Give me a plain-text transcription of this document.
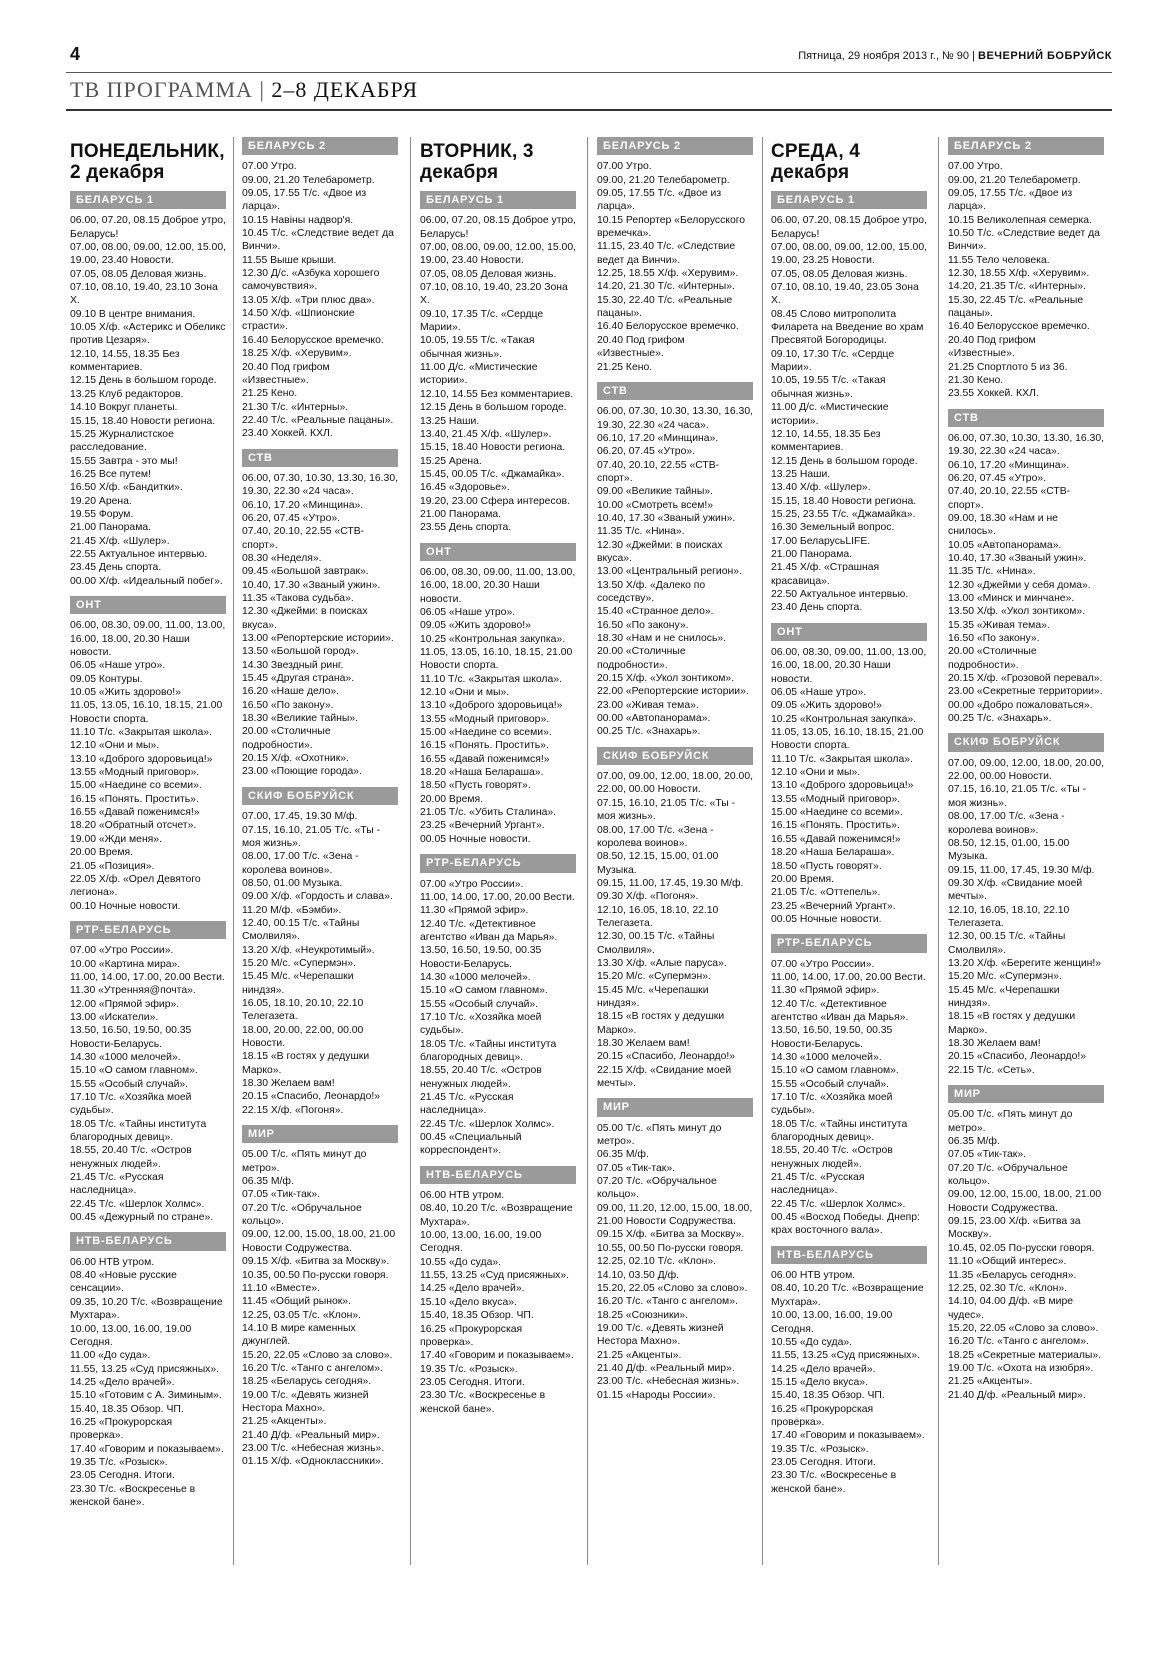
4	Пятница, 29 ноября 2013 г., № 90 | ВЕЧЕРНИЙ БОБРУЙСК
ТВ ПРОГРАММА | 2–8 ДЕКАБРЯ
ПОНЕДЕЛЬНИК, 2 декабря
БЕЛАРУСЬ 1
06.00, 07.20, 08.15 Доброе утро, Беларусь!
07.00, 08.00, 09.00, 12.00, 15.00, 19.00, 23.40 Новости.
07.05, 08.05 Деловая жизнь.
07.10, 08.10, 19.40, 23.10 Зона Х.
09.10 В центре внимания.
10.05 Х/ф. «Астерикс и Обеликс против Цезаря».
12.10, 14.55, 18.35 Без комментариев.
12.15 День в большом городе.
13.25 Клуб редакторов.
14.10 Вокруг планеты.
15.15, 18.40 Новости региона.
15.25 Журналистское расследование.
15.55 Завтра - это мы!
16.25 Все путем!
16.50 Х/ф. «Бандитки».
19.20 Арена.
19.55 Форум.
21.00 Панорама.
21.45 Х/ф. «Шулер».
22.55 Актуальное интервью.
23.45 День спорта.
00.00 Х/ф. «Идеальный побег».
ОНТ
06.00, 08.30, 09.00, 11.00, 13.00, 16.00, 18.00, 20.30 Наши новости.
06.05 «Наше утро».
09.05 Контуры.
10.05 «Жить здорово!»
11.05, 13.05, 16.10, 18.15, 21.00 Новости спорта.
11.10 Т/с. «Закрытая школа».
12.10 «Они и мы».
13.10 «Доброго здоровьица!»
13.55 «Модный приговор».
15.00 «Наедине со всеми».
16.15 «Понять. Простить».
16.55 «Давай поженимся!»
18.20 «Обратный отсчет».
19.00 «Жди меня».
20.00 Время.
21.05 «Позиция».
22.05 Х/ф. «Орел Девятого легиона».
00.10 Ночные новости.
РТР-БЕЛАРУСЬ
07.00 «Утро России».
10.00 «Картина мира».
11.00, 14.00, 17.00, 20.00 Вести.
11.30 «Утренняя@почта».
12.00 «Прямой эфир».
13.00 «Искатели».
13.50, 16.50, 19.50, 00.35 Новости-Беларусь.
14.30 «1000 мелочей».
15.10 «О самом главном».
15.55 «Особый случай».
17.10 Т/с. «Хозяйка моей судьбы».
18.05 Т/с. «Тайны института благородных девиц».
18.55, 20.40 Т/с. «Остров ненужных людей».
21.45 Т/с. «Русская наследница».
22.45 Т/с. «Шерлок Холмс».
00.45 «Дежурный по стране».
НТВ-БЕЛАРУСЬ
06.00 НТВ утром.
08.40 «Новые русские сенсации».
09.35, 10.20 Т/с. «Возвращение Мухтара».
10.00, 13.00, 16.00, 19.00 Сегодня.
11.00 «До суда».
11.55, 13.25 «Суд присяжных».
14.25 «Дело врачей».
15.10 «Готовим с А. Зиминым».
15.40, 18.35 Обзор. ЧП.
16.25 «Прокурорская проверка».
17.40 «Говорим и показываем».
19.35 Т/с. «Розыск».
23.05 Сегодня. Итоги.
23.30 Т/с. «Воскресенье в женской бане».
БЕЛАРУСЬ 2
07.00 Утро.
09.00, 21.20 Телебарометр.
09.05, 17.55 Т/с. «Двое из ларца».
10.15 Навіны надвор'я.
10.45 Т/с. «Следствие ведет да Винчи».
11.55 Выше крыши.
12.30 Д/с. «Азбука хорошего самочувствия».
13.05 Х/ф. «Три плюс два».
14.50 Х/ф. «Шпионские страсти».
16.40 Белорусское времечко.
18.25 Х/ф. «Херувим».
20.40 Под грифом «Известные».
21.25 Кено.
21.30 Т/с. «Интерны».
22.40 Т/с. «Реальные пацаны».
23.40 Хоккей. КХЛ.
СТВ
06.00, 07.30, 10.30, 13.30, 16.30, 19.30, 22.30 «24 часа».
06.10, 17.20 «Минщина».
06.20, 07.45 «Утро».
07.40, 20.10, 22.55 «СТВ-спорт».
08.30 «Неделя».
09.45 «Большой завтрак».
10.40, 17.30 «Званый ужин».
11.35 «Такова судьба».
12.30 «Джейми: в поисках вкуса».
13.00 «Репортерские истории».
13.50 «Большой город».
14.30 Звездный ринг.
15.45 «Другая страна».
16.20 «Наше дело».
16.50 «По закону».
18.30 «Великие тайны».
20.00 «Столичные подробности».
20.15 Х/ф. «Охотник».
23.00 «Поющие города».
СКИФ БОБРУЙСК
07.00, 17.45, 19.30 М/ф.
07.15, 16.10, 21.05 Т/с. «Ты - моя жизнь».
08.00, 17.00 Т/с. «Зена - королева воинов».
08.50, 01.00 Музыка.
09.00 Х/ф. «Гордость и слава».
11.20 М/ф. «Бэмби».
12.40, 00.15 Т/с. «Тайны Смолвиля».
13.20 Х/ф. «Неукротимый».
15.20 М/с. «Супермэн».
15.45 М/с. «Черепашки ниндзя».
16.05, 18.10, 20.10, 22.10 Телегазета.
18.00, 20.00, 22.00, 00.00 Новости.
18.15 «В гостях у дедушки Марко».
18.30 Желаем вам!
20.15 «Спасибо, Леонардо!»
22.15 Х/ф. «Погоня».
МИР
05.00 Т/с. «Пять минут до метро».
06.35 М/ф.
07.05 «Тик-так».
07.20 Т/с. «Обручальное кольцо».
09.00, 12.00, 15.00, 18.00, 21.00 Новости Содружества.
09.15 Х/ф. «Битва за Москву».
10.35, 00.50 По-русски говоря.
11.10 «Вместе».
11.45 «Общий рынок».
12.25, 03.05 Т/с. «Клон».
14.10 В мире каменных джунглей.
15.20, 22.05 «Слово за слово».
16.20 Т/с. «Танго с ангелом».
18.25 «Беларусь сегодня».
19.00 Т/с. «Девять жизней Нестора Махно».
21.25 «Акценты».
21.40 Д/ф. «Реальный мир».
23.00 Т/с. «Небесная жизнь».
01.15 Х/ф. «Одноклассники».
ВТОРНИК, 3 декабря
БЕЛАРУСЬ 1
06.00, 07.20, 08.15 Доброе утро, Беларусь!
07.00, 08.00, 09.00, 12.00, 15.00, 19.00, 23.40 Новости.
07.05, 08.05 Деловая жизнь.
07.10, 08.10, 19.40, 23.20 Зона Х.
09.10, 17.35 Т/с. «Сердце Марии».
10.05, 19.55 Т/с. «Такая обычная жизнь».
11.00 Д/с. «Мистические истории».
12.10, 14.55 Без комментариев.
12.15 День в большом городе.
13.25 Наши.
13.40, 21.45 Х/ф. «Шулер».
15.15, 18.40 Новости региона.
15.25 Арена.
15.45, 00.05 Т/с. «Джамайка».
16.45 «Здоровье».
19.20, 23.00 Сфера интересов.
21.00 Панорама.
23.55 День спорта.
ОНТ
06.00, 08.30, 09.00, 11.00, 13.00, 16.00, 18.00, 20.30 Наши новости.
06.05 «Наше утро».
09.05 «Жить здорово!»
10.25 «Контрольная закупка».
11.05, 13.05, 16.10, 18.15, 21.00 Новости спорта.
11.10 Т/с. «Закрытая школа».
12.10 «Они и мы».
13.10 «Доброго здоровьица!»
13.55 «Модный приговор».
15.00 «Наедине со всеми».
16.15 «Понять. Простить».
16.55 «Давай поженимся!»
18.20 «Наша Белараша».
18.50 «Пусть говорят».
20.00 Время.
21.05 Т/с. «Убить Сталина».
23.25 «Вечерний Ургант».
00.05 Ночные новости.
РТР-БЕЛАРУСЬ
07.00 «Утро России».
11.00, 14.00, 17.00, 20.00 Вести.
11.30 «Прямой эфир».
12.40 Т/с. «Детективное агентство «Иван да Марья».
13.50, 16.50, 19.50, 00.35 Новости-Беларусь.
14.30 «1000 мелочей».
15.10 «О самом главном».
15.55 «Особый случай».
17.10 Т/с. «Хозяйка моей судьбы».
18.05 Т/с. «Тайны института благородных девиц».
18.55, 20.40 Т/с. «Остров ненужных людей».
21.45 Т/с. «Русская наследница».
22.45 Т/с. «Шерлок Холмс».
00.45 «Специальный корреспондент».
НТВ-БЕЛАРУСЬ
06.00 НТВ утром.
08.40, 10.20 Т/с. «Возвращение Мухтара».
10.00, 13.00, 16.00, 19.00 Сегодня.
10.55 «До суда».
11.55, 13.25 «Суд присяжных».
14.25 «Дело врачей».
15.10 «Дело вкуса».
15.40, 18.35 Обзор. ЧП.
16.25 «Прокурорская проверка».
17.40 «Говорим и показываем».
19.35 Т/с. «Розыск».
23.05 Сегодня. Итоги.
23.30 Т/с. «Воскресенье в женской бане».
БЕЛАРУСЬ 2
07.00 Утро.
09.00, 21.20 Телебарометр.
09.05, 17.55 Т/с. «Двое из ларца».
10.15 Репортер «Белорусского времечка».
11.15, 23.40 Т/с. «Следствие ведет да Винчи».
12.25, 18.55 Х/ф. «Херувим».
14.20, 21.30 Т/с. «Интерны».
15.30, 22.40 Т/с. «Реальные пацаны».
16.40 Белорусское времечко.
20.40 Под грифом «Известные».
21.25 Кено.
СТВ
06.00, 07.30, 10.30, 13.30, 16.30, 19.30, 22.30 «24 часа».
06.10, 17.20 «Минщина».
06.20, 07.45 «Утро».
07.40, 20.10, 22.55 «СТВ-спорт».
09.00 «Великие тайны».
10.00 «Смотреть всем!»
10.40, 17.30 «Званый ужин».
11.35 Т/с. «Нина».
12.30 «Джейми: в поисках вкуса».
13.00 «Центральный регион».
13.50 Х/ф. «Далеко по соседству».
15.40 «Странное дело».
16.50 «По закону».
18.30 «Нам и не снилось».
20.00 «Столичные подробности».
20.15 Х/ф. «Укол зонтиком».
22.00 «Репортерские истории».
23.00 «Живая тема».
00.00 «Автопанорама».
00.25 Т/с. «Знахарь».
СКИФ БОБРУЙСК
07.00, 09.00, 12.00, 18.00, 20.00, 22.00, 00.00 Новости.
07.15, 16.10, 21.05 Т/с. «Ты - моя жизнь».
08.00, 17.00 Т/с. «Зена - королева воинов».
08.50, 12.15, 15.00, 01.00 Музыка.
09.15, 11.00, 17.45, 19.30 М/ф.
09.30 Х/ф. «Погоня».
12.10, 16.05, 18.10, 22.10 Телегазета.
12.30, 00.15 Т/с. «Тайны Смолвиля».
13.30 Х/ф. «Алые паруса».
15.20 М/с. «Супермэн».
15.45 М/с. «Черепашки ниндзя».
18.15 «В гостях у дедушки Марко».
18.30 Желаем вам!
20.15 «Спасибо, Леонардо!»
22.15 Х/ф. «Свидание моей мечты».
МИР
05.00 Т/с. «Пять минут до метро».
06.35 М/ф.
07.05 «Тик-так».
07.20 Т/с. «Обручальное кольцо».
09.00, 11.20, 12.00, 15.00, 18.00, 21.00 Новости Содружества.
09.15 Х/ф. «Битва за Москву».
10.55, 00.50 По-русски говоря.
12.25, 02.10 Т/с. «Клон».
14.10, 03.50 Д/ф.
15.20, 22.05 «Слово за слово».
16.20 Т/с. «Танго с ангелом».
18.25 «Союзники».
19.00 Т/с. «Девять жизней Нестора Махно».
21.25 «Акценты».
21.40 Д/ф. «Реальный мир».
23.00 Т/с. «Небесная жизнь».
01.15 «Народы России».
СРЕДА, 4 декабря
БЕЛАРУСЬ 1
06.00, 07.20, 08.15 Доброе утро, Беларусь!
07.00, 08.00, 09.00, 12.00, 15.00, 19.00, 23.25 Новости.
07.05, 08.05 Деловая жизнь.
07.10, 08.10, 19.40, 23.05 Зона Х.
08.45 Слово митрополита Филарета на Введение во храм Пресвятой Богородицы.
09.10, 17.30 Т/с. «Сердце Марии».
10.05, 19.55 Т/с. «Такая обычная жизнь».
11.00 Д/с. «Мистические истории».
12.10, 14.55, 18.35 Без комментариев.
12.15 День в большом городе.
13.25 Наши.
13.40 Х/ф. «Шулер».
15.15, 18.40 Новости региона.
15.25, 23.55 Т/с. «Джамайка».
16.30 Земельный вопрос.
17.00 БеларусьLIFE.
21.00 Панорама.
21.45 Х/ф. «Страшная красавица».
22.50 Актуальное интервью.
23.40 День спорта.
ОНТ
06.00, 08.30, 09.00, 11.00, 13.00, 16.00, 18.00, 20.30 Наши новости.
06.05 «Наше утро».
09.05 «Жить здорово!»
10.25 «Контрольная закупка».
11.05, 13.05, 16.10, 18.15, 21.00 Новости спорта.
11.10 Т/с. «Закрытая школа».
12.10 «Они и мы».
13.10 «Доброго здоровьица!»
13.55 «Модный приговор».
15.00 «Наедине со всеми».
16.15 «Понять. Простить».
16.55 «Давай поженимся!»
18.20 «Наша Белараша».
18.50 «Пусть говорят».
20.00 Время.
21.05 Т/с. «Оттепель».
23.25 «Вечерний Ургант».
00.05 Ночные новости.
РТР-БЕЛАРУСЬ
07.00 «Утро России».
11.00, 14.00, 17.00, 20.00 Вести.
11.30 «Прямой эфир».
12.40 Т/с. «Детективное агентство «Иван да Марья».
13.50, 16.50, 19.50, 00.35 Новости-Беларусь.
14.30 «1000 мелочей».
15.10 «О самом главном».
15.55 «Особый случай».
17.10 Т/с. «Хозяйка моей судьбы».
18.05 Т/с. «Тайны института благородных девиц».
18.55, 20.40 Т/с. «Остров ненужных людей».
21.45 Т/с. «Русская наследница».
22.45 Т/с. «Шерлок Холмс».
00.45 «Восход Победы. Днепр: крах восточного вала».
НТВ-БЕЛАРУСЬ
06.00 НТВ утром.
08.40, 10.20 Т/с. «Возвращение Мухтара».
10.00, 13.00, 16.00, 19.00 Сегодня.
10.55 «До суда».
11.55, 13.25 «Суд присяжных».
14.25 «Дело врачей».
15.15 «Дело вкуса».
15.40, 18.35 Обзор. ЧП.
16.25 «Прокурорская проверка».
17.40 «Говорим и показываем».
19.35 Т/с. «Розыск».
23.05 Сегодня. Итоги.
23.30 Т/с. «Воскресенье в женской бане».
БЕЛАРУСЬ 2
07.00 Утро.
09.00, 21.20 Телебарометр.
09.05, 17.55 Т/с. «Двое из ларца».
10.15 Великолепная семерка.
10.50 Т/с. «Следствие ведет да Винчи».
11.55 Тело человека.
12.30, 18.55 Х/ф. «Херувим».
14.20, 21.35 Т/с. «Интерны».
15.30, 22.45 Т/с. «Реальные пацаны».
16.40 Белорусское времечко.
20.40 Под грифом «Известные».
21.25 Спортлото 5 из 36.
21.30 Кено.
23.55 Хоккей. КХЛ.
СТВ
06.00, 07.30, 10.30, 13.30, 16.30, 19.30, 22.30 «24 часа».
06.10, 17.20 «Минщина».
06.20, 07.45 «Утро».
07.40, 20.10, 22.55 «СТВ-спорт».
09.00, 18.30 «Нам и не снилось».
10.05 «Автопанорама».
10.40, 17.30 «Званый ужин».
11.35 Т/с. «Нина».
12.30 «Джейми у себя дома».
13.00 «Минск и минчане».
13.50 Х/ф. «Укол зонтиком».
15.35 «Живая тема».
16.50 «По закону».
20.00 «Столичные подробности».
20.15 Х/ф. «Грозовой перевал».
23.00 «Секретные территории».
00.00 «Добро пожаловаться».
00.25 Т/с. «Знахарь».
СКИФ БОБРУЙСК
07.00, 09.00, 12.00, 18.00, 20.00, 22.00, 00.00 Новости.
07.15, 16.10, 21.05 Т/с. «Ты - моя жизнь».
08.00, 17.00 Т/с. «Зена - королева воинов».
08.50, 12.15, 01.00, 15.00 Музыка.
09.15, 11.00, 17.45, 19.30 М/ф.
09.30 Х/ф. «Свидание моей мечты».
12.10, 16.05, 18.10, 22.10 Телегазета.
12.30, 00.15 Т/с. «Тайны Смолвиля».
13.20 Х/ф. «Берегите женщин!»
15.20 М/с. «Супермэн».
15.45 М/с. «Черепашки ниндзя».
18.15 «В гостях у дедушки Марко».
18.30 Желаем вам!
20.15 «Спасибо, Леонардо!»
22.15 Т/с. «Сеть».
МИР
05.00 Т/с. «Пять минут до метро».
06.35 М/ф.
07.05 «Тик-так».
07.20 Т/с. «Обручальное кольцо».
09.00, 12.00, 15.00, 18.00, 21.00 Новости Содружества.
09.15, 23.00 Х/ф. «Битва за Москву».
10.45, 02.05 По-русски говоря.
11.10 «Общий интерес».
11.35 «Беларусь сегодня».
12.25, 02.30 Т/с. «Клон».
14.10, 04.00 Д/ф. «В мире чудес».
15.20, 22.05 «Слово за слово».
16.20 Т/с. «Танго с ангелом».
18.25 «Секретные материалы».
19.00 Т/с. «Охота на изюбря».
21.25 «Акценты».
21.40 Д/ф. «Реальный мир».
